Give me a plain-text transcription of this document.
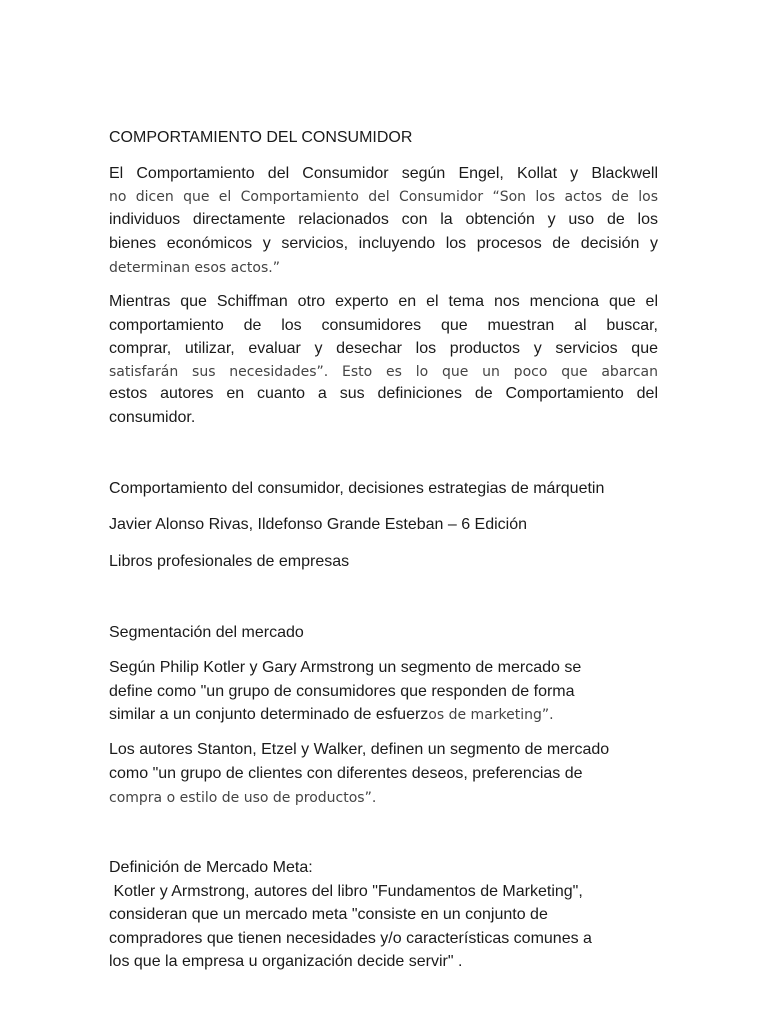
COMPORTAMIENTO DEL CONSUMIDOR

El Comportamiento del Consumidor según Engel, Kollat y Blackwell

no dicen que el Comportamiento del Consumidor “Son los actos de los

individuos directamente relacionados con la obtención y uso de los

bienes económicos y servicios, incluyendo los procesos de decisión y

determinan esos actos.”

Mientras que Schiffman otro experto en el tema nos menciona que el

comportamiento de los consumidores que muestran al buscar,

comprar, utilizar, evaluar y desechar los productos y servicios que

satisfarán sus necesidades”. Esto es lo que un poco que abarcan

estos autores en cuanto a sus definiciones de Comportamiento del

consumidor.

Comportamiento del consumidor, decisiones estrategias de márquetin

Javier Alonso Rivas, Ildefonso Grande Esteban – 6 Edición

Libros profesionales de empresas

Segmentación del mercado

Según Philip Kotler y Gary Armstrong un segmento de mercado se

define como "un grupo de consumidores que responden de forma

similar a un conjunto determinado de esfuerzos de marketing”.

Los autores Stanton, Etzel y Walker, definen un segmento de mercado

como "un grupo de clientes con diferentes deseos, preferencias de

compra o estilo de uso de productos”.

Definición de Mercado Meta:

Kotler y Armstrong, autores del libro "Fundamentos de Marketing",

consideran que un mercado meta "consiste en un conjunto de

compradores que tienen necesidades y/o características comunes a

los que la empresa u organización decide servir" .
